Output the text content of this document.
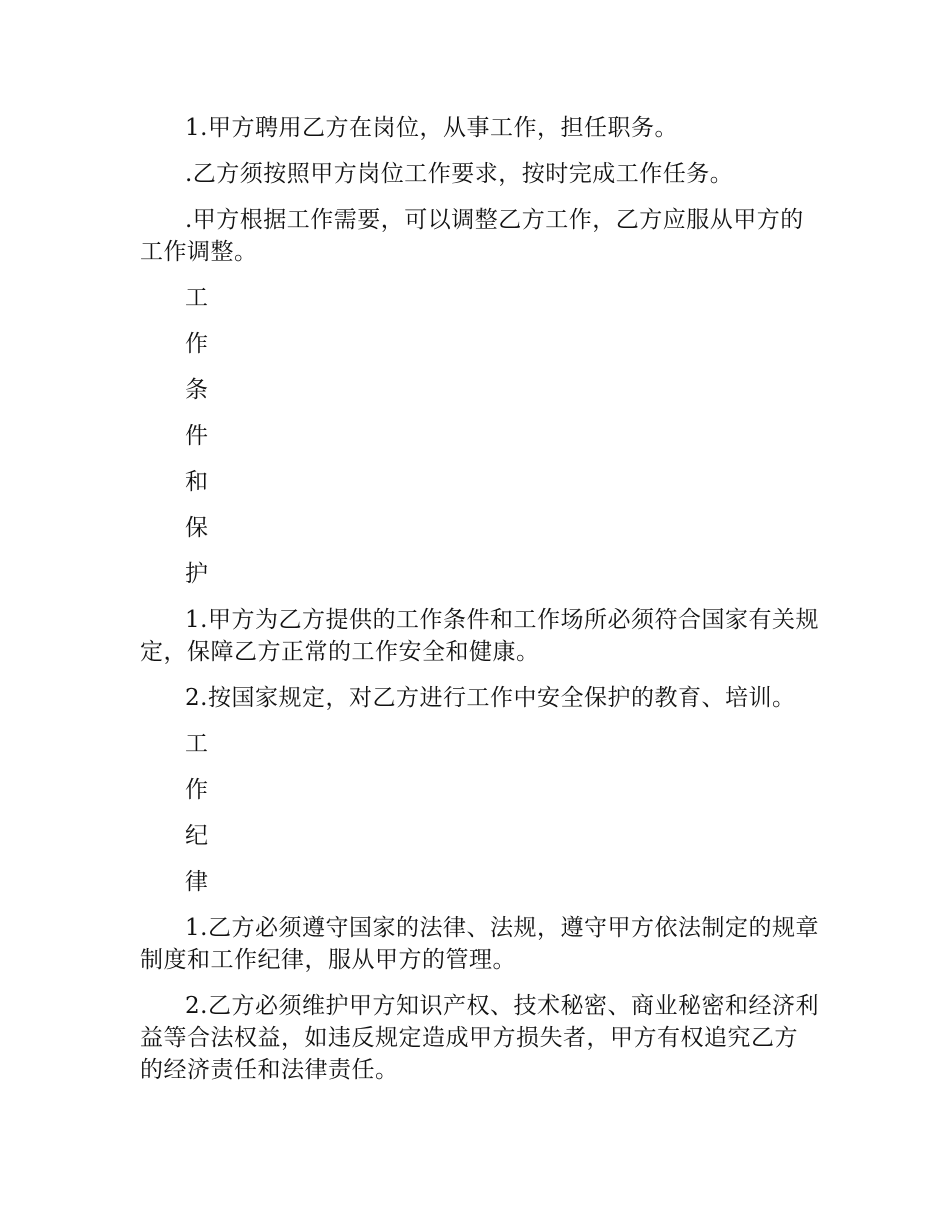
1.甲方聘用乙方在岗位，从事工作，担任职务。

.乙方须按照甲方岗位工作要求，按时完成工作任务。

.甲方根据工作需要，可以调整乙方工作，乙方应服从甲方的工作调整。

工
作
条
件
和
保
护

1.甲方为乙方提供的工作条件和工作场所必须符合国家有关规定，保障乙方正常的工作安全和健康。

2.按国家规定，对乙方进行工作中安全保护的教育、培训。

工
作
纪
律

1.乙方必须遵守国家的法律、法规，遵守甲方依法制定的规章制度和工作纪律，服从甲方的管理。

2.乙方必须维护甲方知识产权、技术秘密、商业秘密和经济利益等合法权益，如违反规定造成甲方损失者，甲方有权追究乙方的经济责任和法律责任。
